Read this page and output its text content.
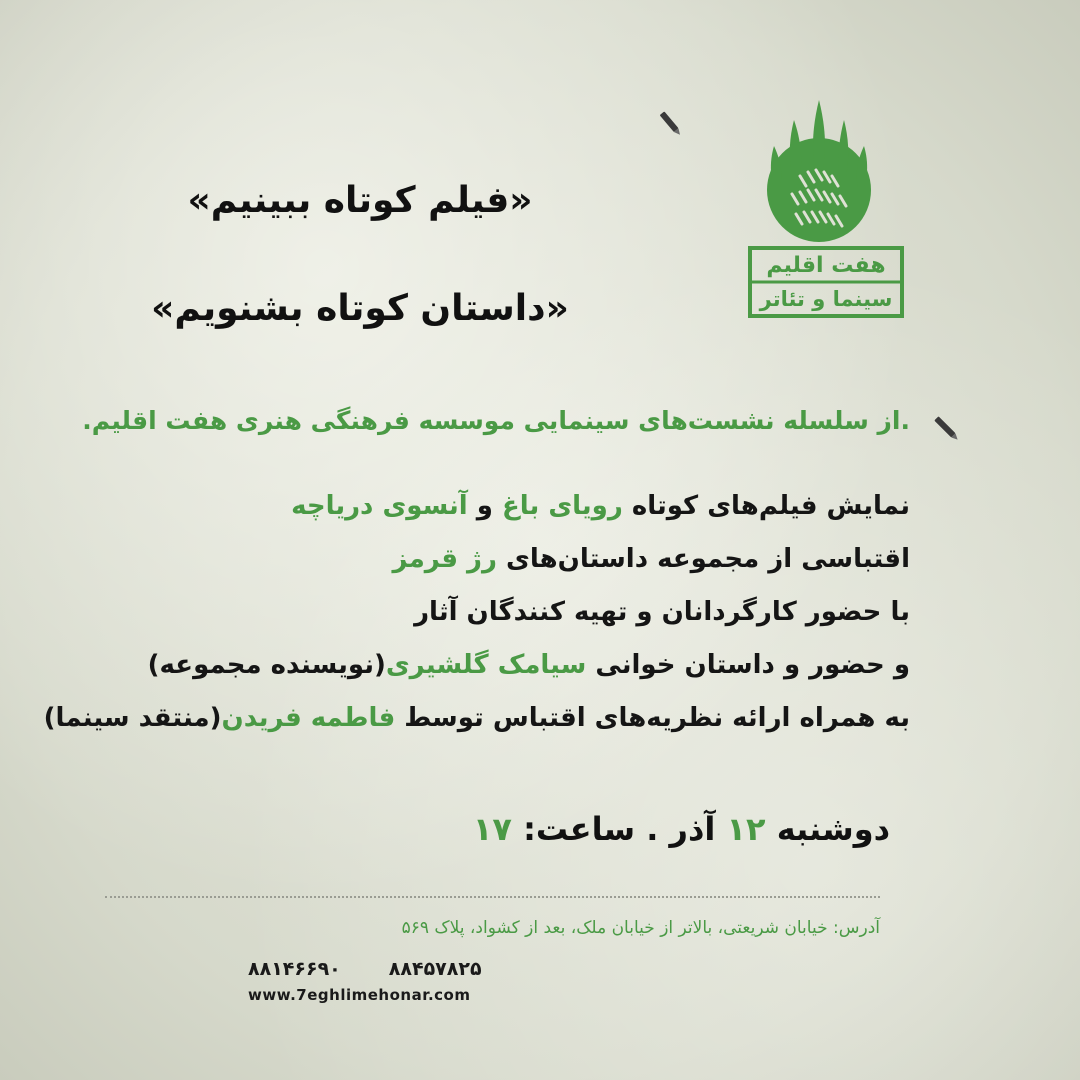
«فیلم کوتاه ببینیم»
«داستان کوتاه بشنویم»
هفت اقلیم
سینما و تئاتر
.از سلسله نشست‌های سینمایی موسسه فرهنگی هنری هفت اقلیم.
نمایش فیلم‌های کوتاه رویای باغ و آنسوی دریاچه
اقتباسی از مجموعه داستان‌های رژ قرمز
با حضور کارگردانان و تهیه کنندگان آثار
و حضور و داستان خوانی سیامک گلشیری(نویسنده مجموعه)
به همراه ارائه نظریه‌های اقتباس توسط فاطمه فریدن(منتقد سینما)
دوشنبه ۱۲ آذر . ساعت: ۱۷
آدرس: خیابان شریعتی، بالاتر از خیابان ملک، بعد از کشواد، پلاک ۵۶۹
۸۸۱۴۶۶۹۰	۸۸۴۵۷۸۲۵
www.7eghlimehonar.com
